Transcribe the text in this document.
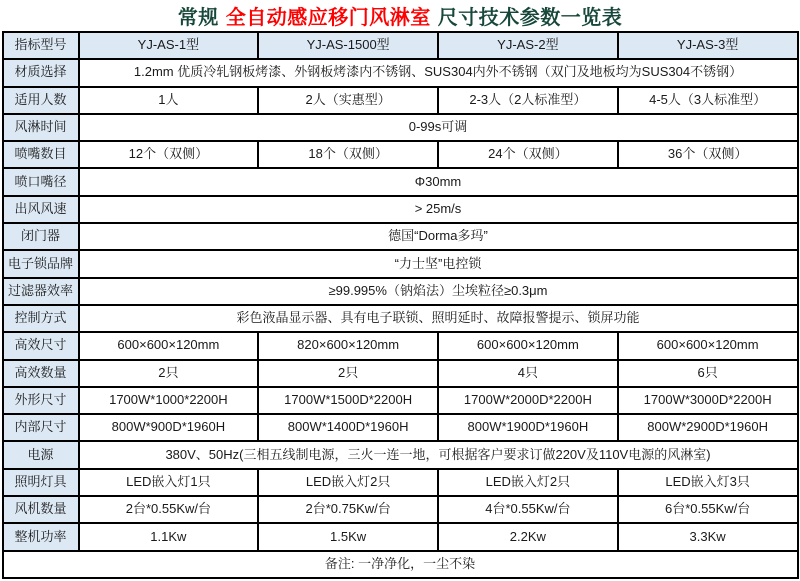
常规 全自动感应移门风淋室 尺寸技术参数一览表
指标型号	YJ-AS-1型	YJ-AS-1500型	YJ-AS-2型	YJ-AS-3型
材质选择	1.2mm 优质冷轧钢板烤漆、外钢板烤漆内不锈钢、SUS304内外不锈钢（双门及地板均为SUS304不锈钢）			
适用人数	1人	2人（实惠型）	2-3人（2人标准型）	4-5人（3人标准型）
风淋时间	0-99s可调			
喷嘴数目	12个（双侧）	18个（双侧）	24个（双侧）	36个（双侧）
喷口嘴径	Φ30mm			
出风风速	> 25m/s			
闭门器	德国“Dorma多玛”			
电子锁品牌	“力士坚”电控锁			
过滤器效率	≥99.995%（钠焰法）尘埃粒径≥0.3μm			
控制方式	彩色液晶显示器、具有电子联锁、照明延时、故障报警提示、锁屏功能			
高效尺寸	600×600×120mm	820×600×120mm	600×600×120mm	600×600×120mm
高效数量	2只	2只	4只	6只
外形尺寸	1700W*1000*2200H	1700W*1500D*2200H	1700W*2000D*2200H	1700W*3000D*2200H
内部尺寸	800W*900D*1960H	800W*1400D*1960H	800W*1900D*1960H	800W*2900D*1960H
电源	380V、50Hz(三相五线制电源，三火一连一地，可根据客户要求订做220V及110V电源的风淋室)			
照明灯具	LED嵌入灯1只	LED嵌入灯2只	LED嵌入灯2只	LED嵌入灯3只
风机数量	2台*0.55Kw/台	2台*0.75Kw/台	4台*0.55Kw/台	6台*0.55Kw/台
整机功率	1.1Kw	1.5Kw	2.2Kw	3.3Kw
备注: 一净净化，一尘不染				
